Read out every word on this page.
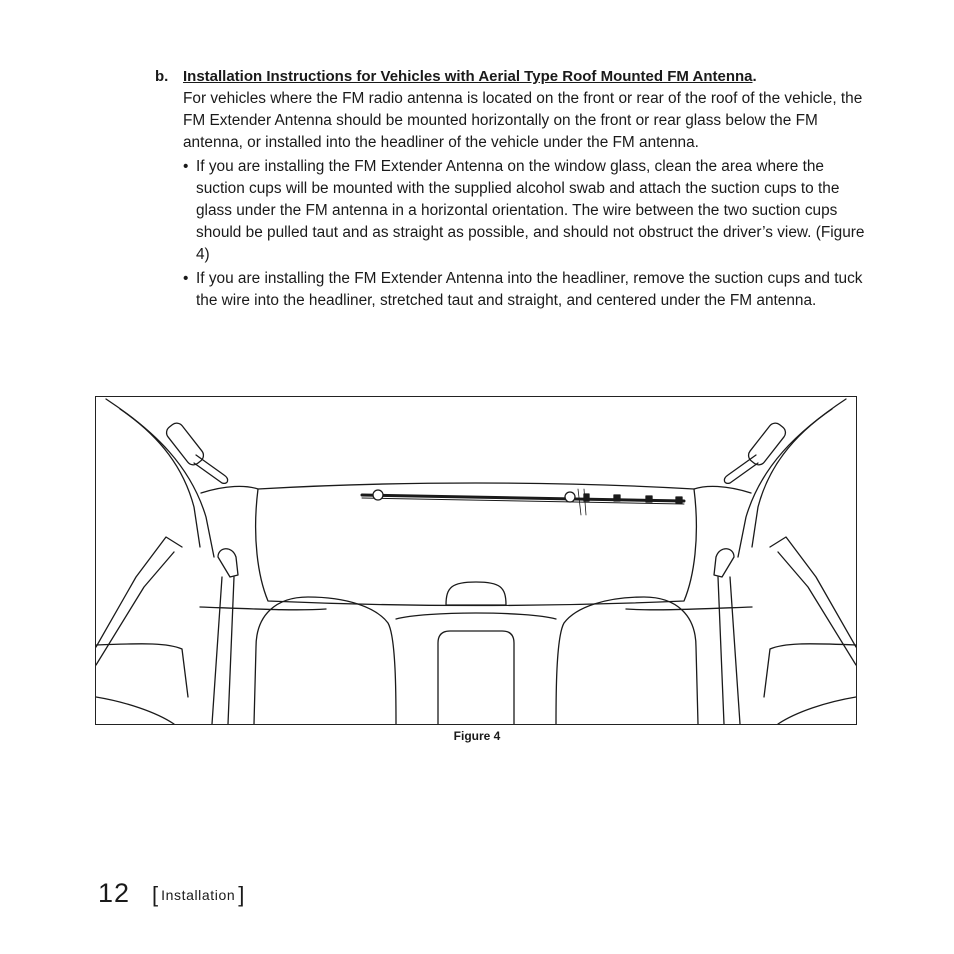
b. Installation Instructions for Vehicles with Aerial Type Roof Mounted FM Antenna.
For vehicles where the FM radio antenna is located on the front or rear of the roof of the vehicle, the FM Extender Antenna should be mounted horizontally on the front or rear glass below the FM antenna, or installed into the headliner of the vehicle under the FM antenna.
• If you are installing the FM Extender Antenna on the window glass, clean the area where the suction cups will be mounted with the supplied alcohol swab and attach the suction cups to the glass under the FM antenna in a horizontal orientation. The wire between the two suction cups should be pulled taut and as straight as possible, and should not obstruct the driver’s view. (Figure 4)
• If you are installing the FM Extender Antenna into the headliner, remove the suction cups and tuck the wire into the headliner, stretched taut and straight, and centered under the FM antenna.
Figure 4
12 [ Installation ]
